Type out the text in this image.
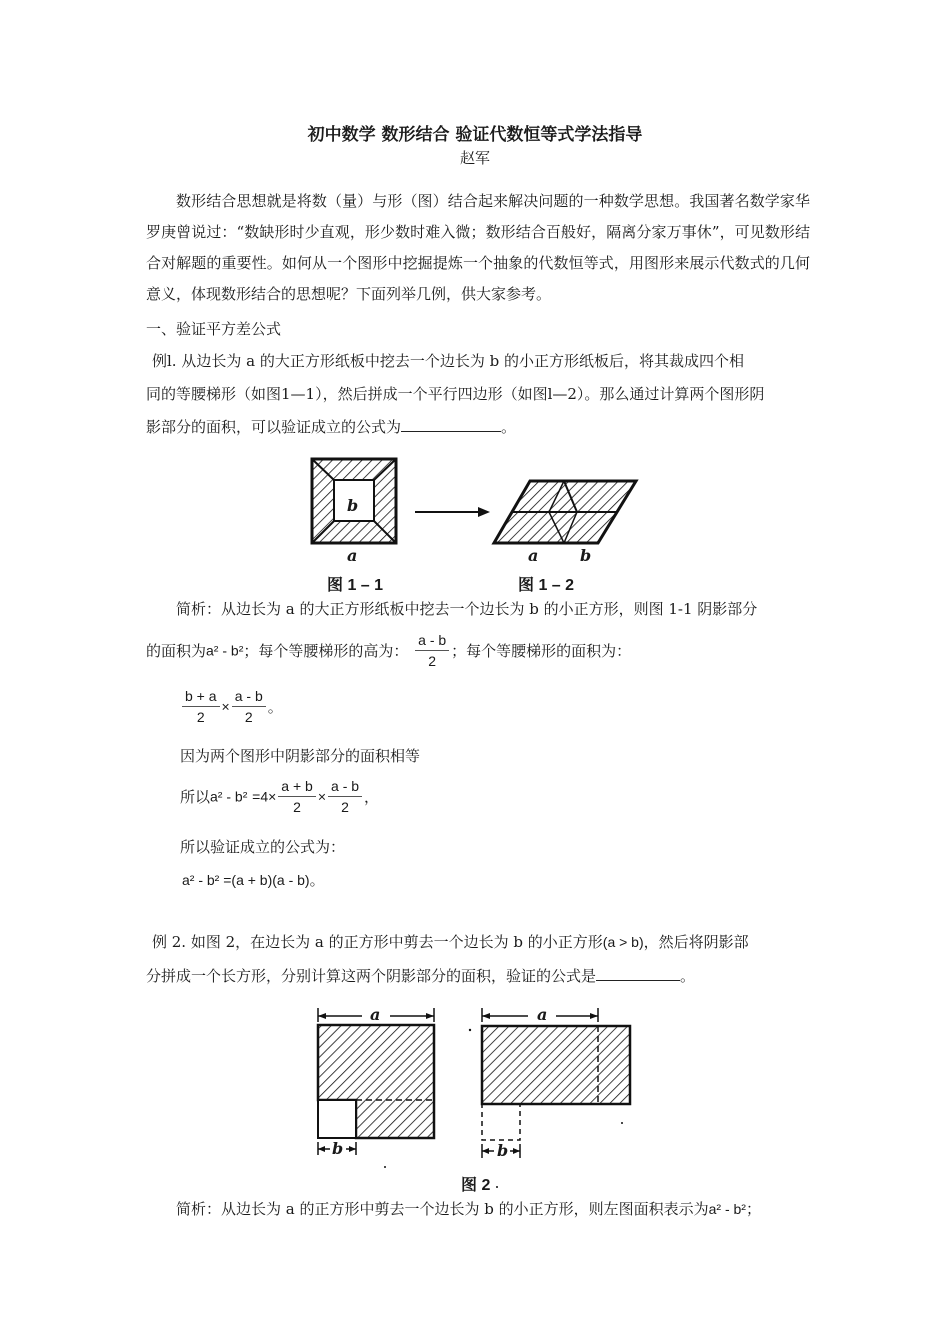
初中数学 数形结合 验证代数恒等式学法指导
赵军
数形结合思想就是将数（量）与形（图）结合起来解决问题的一种数学思想。我国著名数学家华罗庚曾说过：“数缺形时少直观，形少数时难入微；数形结合百般好，隔离分家万事休”，可见数形结合对解题的重要性。如何从一个图形中挖掘提炼一个抽象的代数恒等式，用图形来展示代数式的几何意义，体现数形结合的思想呢？下面列举几例，供大家参考。
一、验证平方差公式
例l. 从边长为 a 的大正方形纸板中挖去一个边长为 b 的小正方形纸板后，将其裁成四个相
同的等腰梯形（如图1—1），然后拼成一个平行四边形（如图l—2）。那么通过计算两个图形阴
影部分的面积，可以验证成立的公式为	。
b
a	a	b
图 1 – 1	图 1 – 2
简析：从边长为 a 的大正方形纸板中挖去一个边长为 b 的小正方形，则图 1-1 阴影部分
的面积为a² - b²；每个等腰梯形的高为： $\frac{a - b}{2}$ ；每个等腰梯形的面积为：
$\frac{b + a}{2} \times \frac{a - b}{2}$ 。
因为两个图形中阴影部分的面积相等
所以$a^2 - b^2 =4\times \frac{a + b}{2} \times \frac{a - b}{2}$ ，
所以验证成立的公式为：
a² - b² =(a + b)(a - b)。
例 2. 如图 2，在边长为 a 的正方形中剪去一个边长为 b 的小正方形(a > b)，然后将阴影部
分拼成一个长方形，分别计算这两个阴影部分的面积，验证的公式是	。
a
b
a
b
图 2
简析：从边长为 a 的正方形中剪去一个边长为 b 的小正方形，则左图面积表示为a² - b²；
